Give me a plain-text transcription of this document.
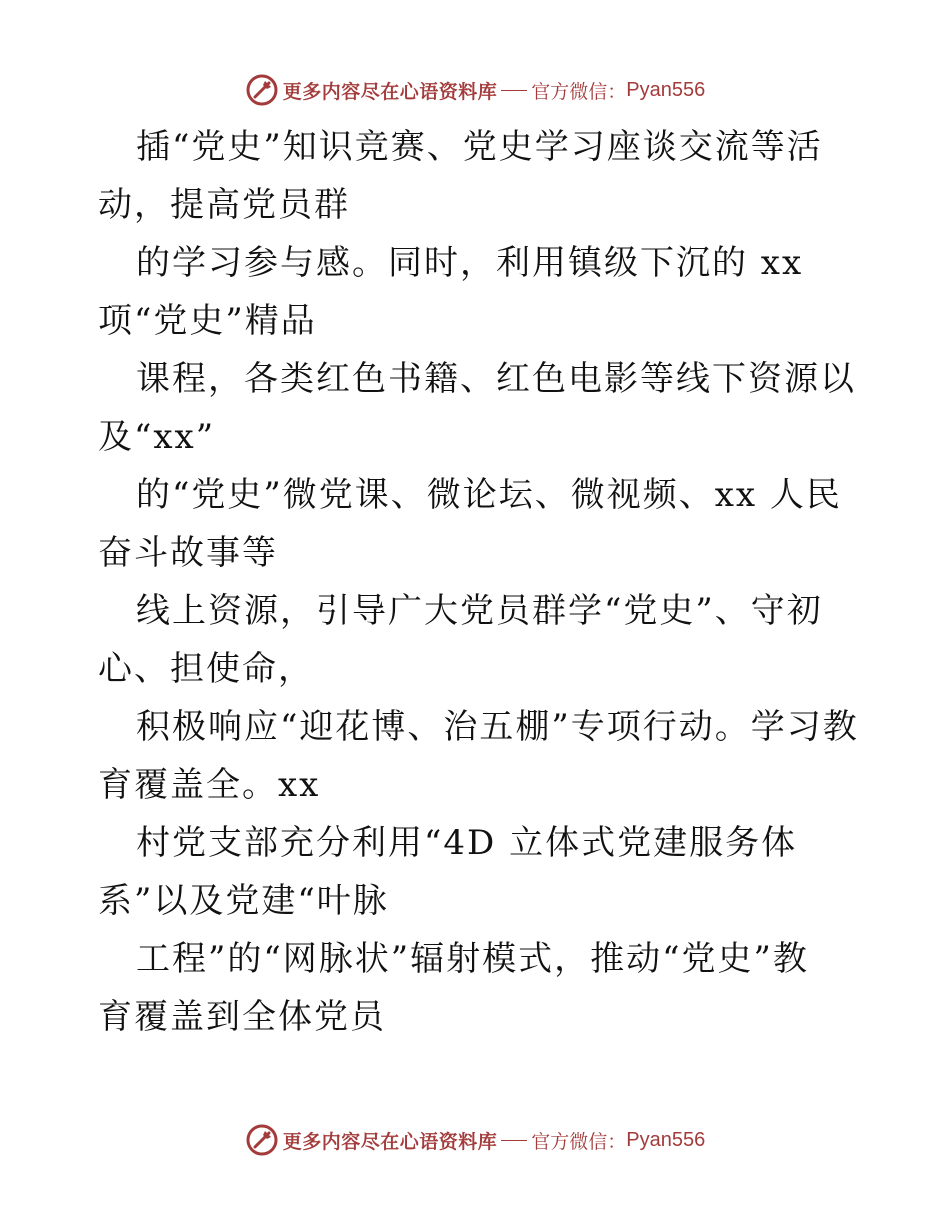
更多内容尽在心语资料库 官方微信： Pyan556
插“党史”知识竞赛、党史学习座谈交流等活
动，提高党员群
的学习参与感。同时，利用镇级下沉的 xx
项“党史”精品
课程，各类红色书籍、红色电影等线下资源以
及“xx”
的“党史”微党课、微论坛、微视频、xx 人民
奋斗故事等
线上资源，引导广大党员群学“党史”、守初
心、担使命，
积极响应“迎花博、治五棚”专项行动。学习教
育覆盖全。xx
村党支部充分利用“4D 立体式党建服务体
系”以及党建“叶脉
工程”的“网脉状”辐射模式，推动“党史”教
育覆盖到全体党员
更多内容尽在心语资料库 官方微信： Pyan556
